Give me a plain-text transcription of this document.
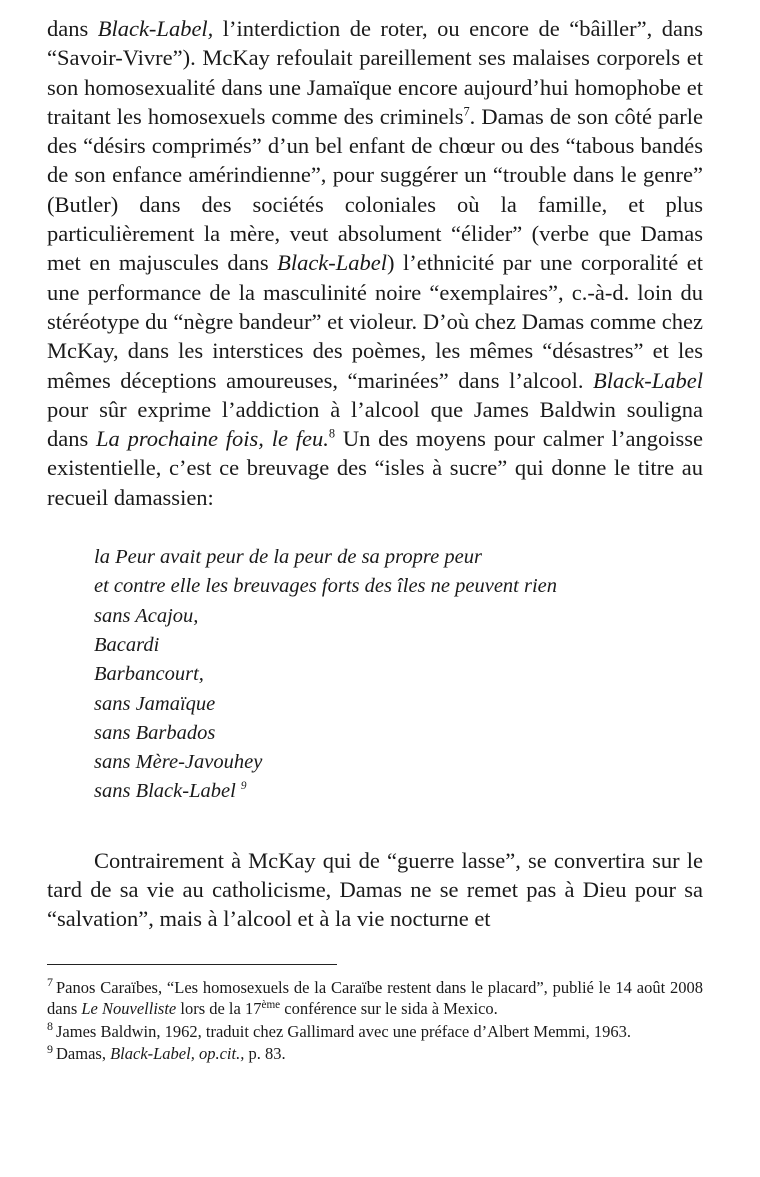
dans Black-Label, l’interdiction de roter, ou encore de “bâiller”, dans “Savoir-Vivre”). McKay refoulait pareillement ses malaises corporels et son homosexualité dans une Jamaïque encore aujourd’hui homophobe et traitant les homosexuels comme des criminels$^7$. Damas de son côté parle des “désirs comprimés” d’un bel enfant de chœur ou des “tabous bandés de son enfance amérindienne”, pour suggérer un “trouble dans le genre” (Butler) dans des sociétés coloniales où la famille, et plus particulièrement la mère, veut absolument “élider” (verbe que Damas met en majuscules dans Black-Label) l’ethnicité par une corporalité et une performance de la masculinité noire “exemplaires”, c.-à-d. loin du stéréotype du “nègre bandeur” et violeur. D’où chez Damas comme chez McKay, dans les interstices des poèmes, les mêmes “désastres” et les mêmes déceptions amoureuses, “marinées” dans l’alcool. Black-Label pour sûr exprime l’addiction à l’alcool que James Baldwin souligna dans La prochaine fois, le feu.$^8$ Un des moyens pour calmer l’angoisse existentielle, c’est ce breuvage des “isles à sucre” qui donne le titre au recueil damassien:

la Peur avait peur de la peur de sa propre peur
et contre elle les breuvages forts des îles ne peuvent rien
sans Acajou,
Bacardi
Barbancourt,
sans Jamaïque
sans Barbados
sans Mère-Javouhey
sans Black-Label $^9$

Contrairement à McKay qui de “guerre lasse”, se convertira sur le tard de sa vie au catholicisme, Damas ne se remet pas à Dieu pour sa “salvation”, mais à l’alcool et à la vie nocturne et

$^7$ Panos Caraïbes, “Les homosexuels de la Caraïbe restent dans le placard”, publié le 14 août 2008 dans Le Nouvelliste lors de la 17ème conférence sur le sida à Mexico.

$^8$ James Baldwin, 1962, traduit chez Gallimard avec une préface d’Albert Memmi, 1963.

$^9$ Damas, Black-Label, op.cit., p. 83.
